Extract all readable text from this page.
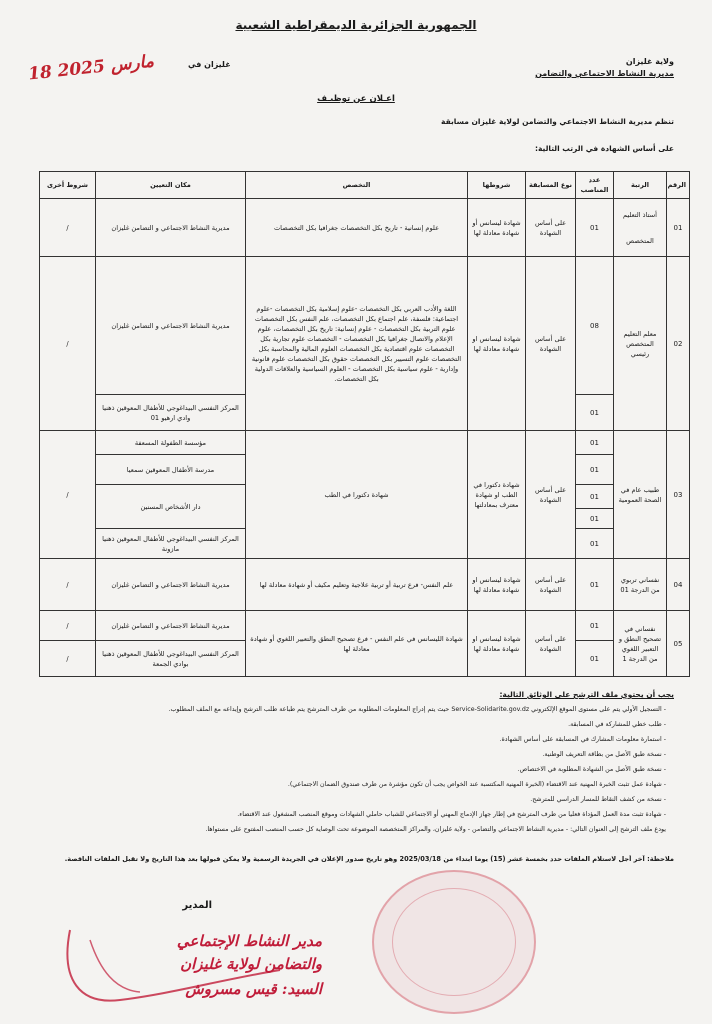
الجمهورية الجزائرية الديمقراطية الشعبية
ولاية غليزان
مديرية النشاط الاجتماعي والتضامن
غليزان في
18 مارس 2025
اعـلان عن توظيـف
تنظم مديرية النشاط الاجتماعي والتضامن لولاية غليزان مسابقة
على أساس الشهادة في الرتب التالية:
الرقم	الرتبة	عدد المناصب	نوع المسابقة	شروطها	التخصص	مكان التعيين	شروط أخرى
01	أستاذ التعليم
المتخصص	01	على أساس الشهادة	شهادة ليسانس أو شهادة معادلة لها	علوم إنسانية - تاريخ بكل التخصصات جغرافيا بكل التخصصات	مديرية النشاط الاجتماعي و التضامن غليزان	/
02	معلم التعليم المتخصص رئيسي	08	على أساس الشهادة	شهادة ليسانس او شهادة معادلة لها	اللغة والأدب العربي بكل التخصصات -علوم إسلامية بكل التخصصات -علوم اجتماعية: فلسفة، علم اجتماع بكل التخصصات، علم النفس بكل التخصصات علوم التربية بكل التخصصات - علوم إنسانية: تاريخ بكل التخصصات، علوم الإعلام والاتصال جغرافيا بكل التخصصات - التخصصات علوم تجارية بكل التخصصات علوم اقتصادية بكل التخصصات العلوم المالية والمحاسبة بكل التخصصات علوم التسيير بكل التخصصات حقوق بكل التخصصات علوم قانونية وإدارية - علوم سياسية بكل التخصصات - العلوم السياسية والعلاقات الدولية بكل التخصصات.	مديرية النشاط الاجتماعي و التضامن غليزان	/
		01				المركز النفسي البيداغوجي للأطفال المعوقين ذهنيا وادي ارهيو 01	
03	طبيب عام في الصحة العمومية	01	على أساس الشهادة	شهادة دكتورا في الطب او شهادة معترف بمعادلتها	شهادة دكتورا في الطب	مؤسسة الطفولة المسعفة	/
		01				مدرسة الأطفال المعوقين سمعيا	
		01				دار الأشخاص المسنين	
		01					
		01				المركز النفسي البيداغوجي للأطفال المعوقين ذهنيا مازونة	
04	نفساني تربوي من الدرجة 01	01	على أساس الشهادة	شهادة ليسانس او شهادة معادلة لها	علم النفس- فرع تربية أو تربية علاجية وتعليم مكيف أو شهادة معادلة لها	مديرية النشاط الاجتماعي و التضامن غليزان	/
05	نفساني في تصحيح النطق و التعبير اللغوي من الدرجة 1	01	على أساس الشهادة	شهادة ليسانس او شهادة معادلة لها	شهادة الليسانس في علم النفس - فرع تصحيح النطق والتعبير اللغوي أو شهادة معادلة لها	مديرية النشاط الاجتماعي و التضامن غليزان	/
		01				المركز النفسي البيداغوجي للأطفال المعوقين ذهنيا بوادي الجمعة	/
يجب أن يحتوي ملف الترشح على الوثائق التالية:
- التسجيل الأولي يتم على مستوى الموقع الإلكتروني Service-Solidarite.gov.dz حيث يتم إدراج المعلومات المطلوبة من طرف المترشح يتم طباعة طلب الترشح وإيداعه مع الملف المطلوب.
- طلب خطي للمشاركة في المسابقة.
- استمارة معلومات المشارك في المسابقة على أساس الشهادة.
- نسخة طبق الأصل من بطاقة التعريف الوطنية.
- نسخة طبق الأصل من الشهادة المطلوبة في الاختصاص.
- شهادة عمل تثبت الخبرة المهنية عند الاقتضاء (الخبرة المهنية المكتسبة عند الخواص يجب أن تكون مؤشرة من طرف صندوق الضمان الاجتماعي).
- نسخة من كشف النقاط للمسار الدراسي للمترشح.
- شهادة تثبت مدة العمل المؤداة فعليا من طرف المترشح في إطار جهاز الإدماج المهني أو الاجتماعي للشباب حاملي الشهادات وموقع المنصب المشغول عند الاقتضاء.
يودع ملف الترشح إلى العنوان التالي: - مديرية النشاط الاجتماعي والتضامن - ولاية غليزان، والمراكز المتخصصة الموضوعة تحت الوصاية كل حسب المنصب المفتوح على مستواها.
ملاحظة: آخر أجل لاستلام الملفات حدد بخمسة عشر (15) يوما ابتداء من 2025/03/18 وهو تاريخ صدور الإعلان في الجريدة الرسمية ولا يمكن قبولها بعد هذا التاريخ ولا تقبل الملفات الناقصة.
المدير
مدير النشاط الإجتماعي
والتضامن لولاية غليزان
السيد: قيس مسروش
